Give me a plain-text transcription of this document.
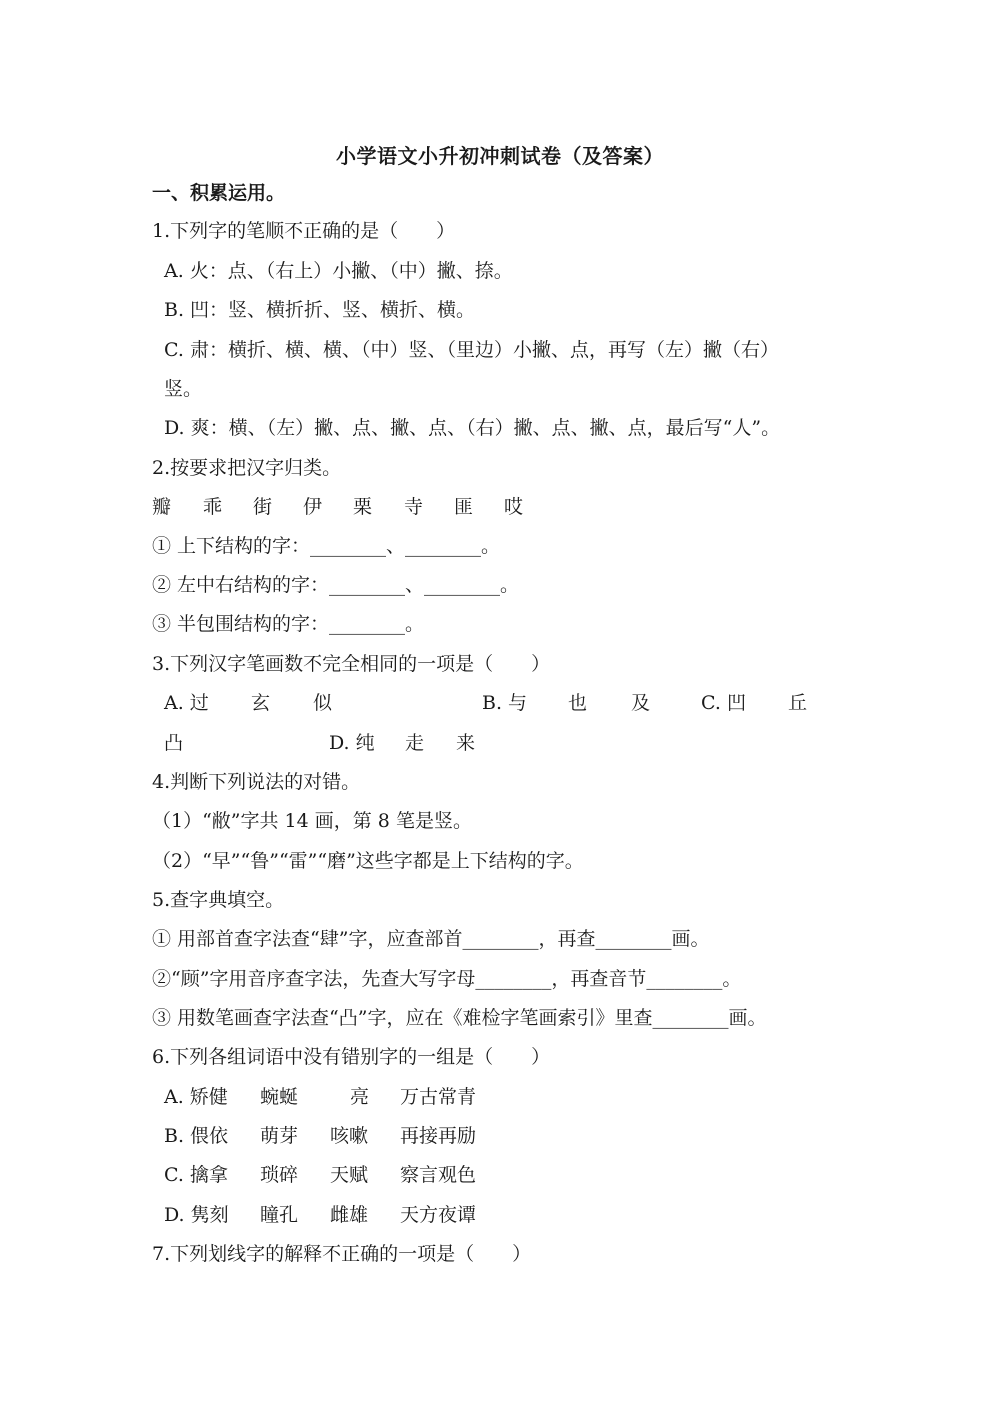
小学语文小升初冲刺试卷（及答案）
一、积累运用。
1.下列字的笔顺不正确的是（　　）
A. 火：点、（右上）小撇、（中）撇、捺。
B. 凹：竖、横折折、竖、横折、横。
C. 肃：横折、横、横、（中）竖、（里边）小撇、点，再写（左）撇（右）
竖。
D. 爽：横、（左）撇、点、撇、点、（右）撇、点、撇、点，最后写“人”。
2.按要求把汉字归类。
瓣 乖 街 伊 栗 寺 匪 哎
① 上下结构的字：________、________。
② 左中右结构的字：________、________。
③ 半包围结构的字：________。
3.下列汉字笔画数不完全相同的一项是（　　）
A. 过 玄 似	B. 与 也 及	C. 凹 丘
凸	D. 纯 走 来
4.判断下列说法的对错。
（1）“敝”字共 14 画，第 8 笔是竖。
（2）“早”“鲁”“雷”“磨”这些字都是上下结构的字。
5.查字典填空。
① 用部首查字法查“肆”字，应查部首________，再查________画。
②“顾”字用音序查字法，先查大写字母________，再查音节________。
③ 用数笔画查字法查“凸”字，应在《难检字笔画索引》里查________画。
6.下列各组词语中没有错别字的一组是（　　）
A. 矫健 蜿蜒	亮 万古常青
B. 偎依 萌芽 咳嗽 再接再励
C. 擒拿 琐碎 天赋 察言观色
D. 隽刻 瞳孔 雌雄 天方夜谭
7.下列划线字的解释不正确的一项是（　　）
